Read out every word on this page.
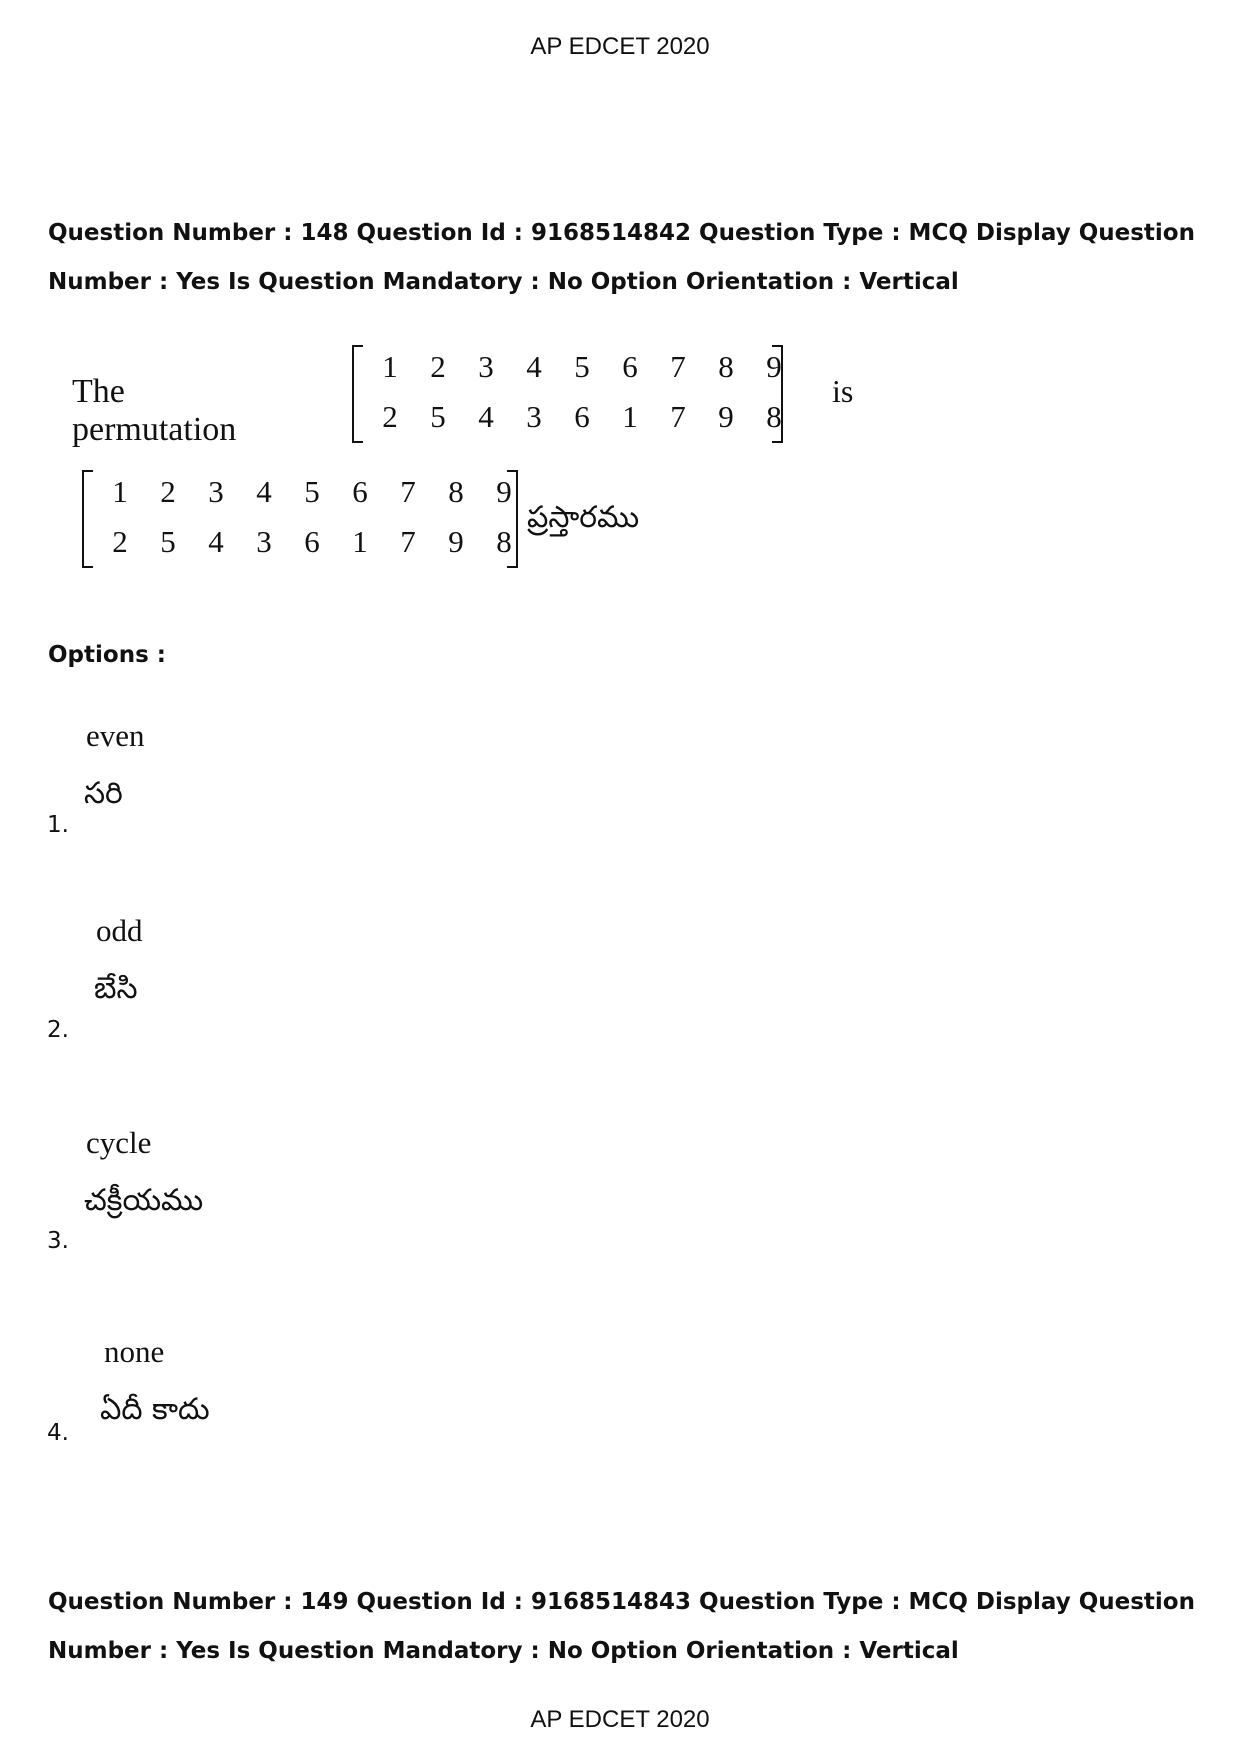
AP EDCET 2020
Question Number : 148 Question Id : 9168514842 Question Type : MCQ Display Question
Number : Yes Is Question Mandatory : No Option Orientation : Vertical
The permutation
1	2	3	4	5	6	7	8	9
2	5	4	3	6	1	7	9	8
is
1	2	3	4	5	6	7	8	9
2	5	4	3	6	1	7	9	8
ప్రస్తారము
Options :
even
సరి
1.
odd
బేసి
2.
cycle
చక్రీయము
3.
none
ఏదీ కాదు
4.
Question Number : 149 Question Id : 9168514843 Question Type : MCQ Display Question
Number : Yes Is Question Mandatory : No Option Orientation : Vertical
AP EDCET 2020
